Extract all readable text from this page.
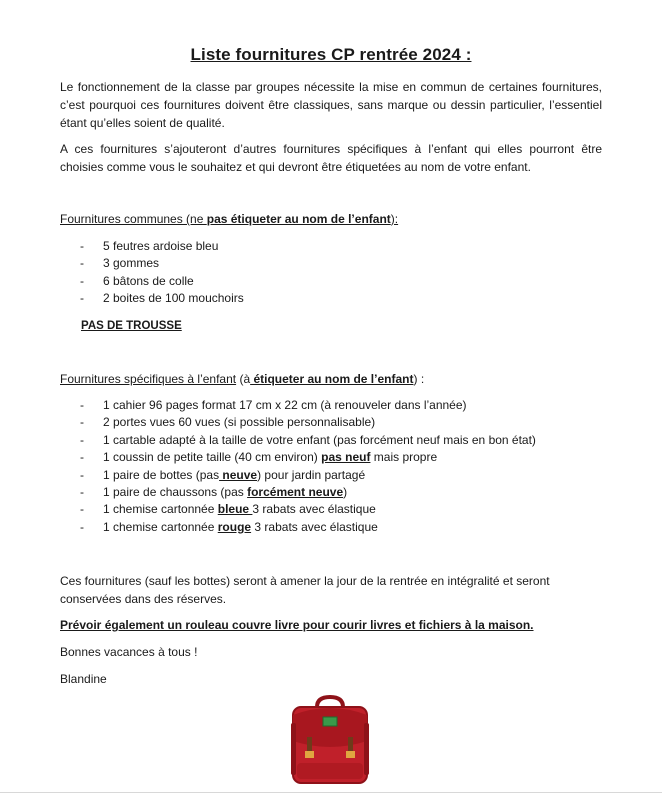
Liste fournitures CP rentrée 2024 :

Le fonctionnement de la classe par groupes nécessite la mise en commun de certaines fournitures, c’est pourquoi ces fournitures doivent être classiques, sans marque ou dessin particulier, l’essentiel étant qu’elles soient de qualité.

A ces fournitures s’ajouteront d’autres fournitures spécifiques à l’enfant qui elles pourront être choisies comme vous le souhaitez et qui devront être étiquetées au nom de votre enfant.

Fournitures communes (ne pas étiqueter au nom de l’enfant):
- 5 feutres ardoise bleu
- 3 gommes
- 6 bâtons de colle
- 2 boites de 100 mouchoirs
PAS DE TROUSSE
Fournitures spécifiques à l’enfant (à étiqueter au nom de l’enfant) :
- 1 cahier 96 pages format 17 cm x 22 cm (à renouveler dans l’année)
- 2 portes vues 60 vues (si possible personnalisable)
- 1 cartable adapté à la taille de votre enfant (pas forcément neuf mais en bon état)
- 1 coussin de petite taille (40 cm environ) pas neuf mais propre
- 1 paire de bottes (pas neuve) pour jardin partagé
- 1 paire de chaussons (pas forcément neuve)
- 1 chemise cartonnée bleue 3 rabats avec élastique
- 1 chemise cartonnée rouge 3 rabats avec élastique

Ces fournitures (sauf les bottes) seront à amener la jour de la rentrée en intégralité et seront conservées dans des réserves.

Prévoir également un rouleau couvre livre pour courir livres et fichiers à la maison.
Bonnes vacances à tous !
Blandine
